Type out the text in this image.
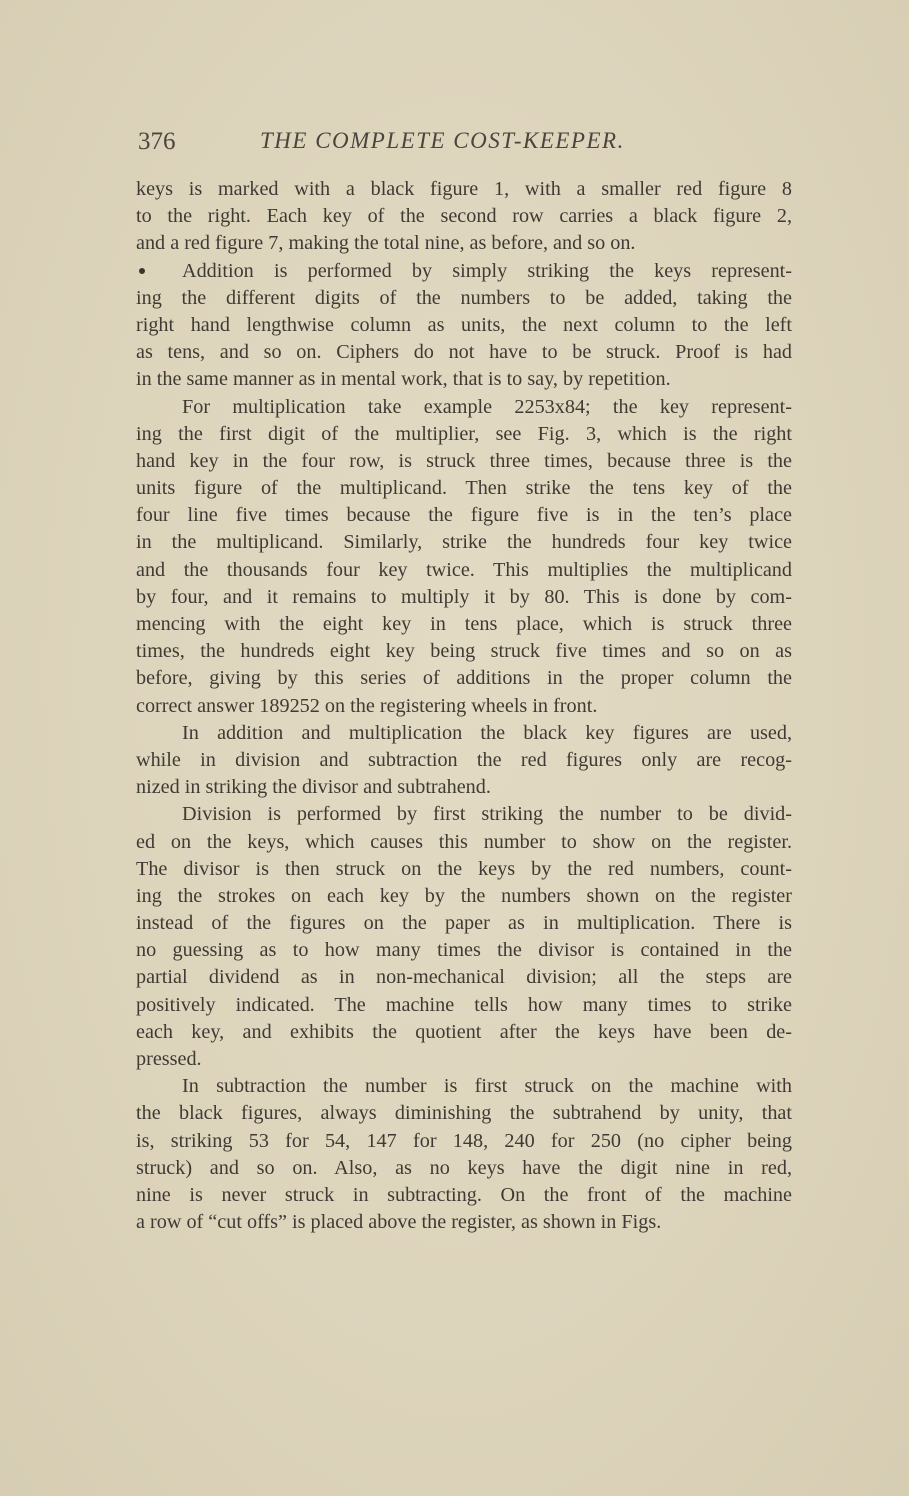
376	THE COMPLETE COST-KEEPER.
keys is marked with a black figure 1, with a smaller red figure 8
to the right. Each key of the second row carries a black figure 2,
and a red figure 7, making the total nine, as before, and so on.
Addition is performed by simply striking the keys represent-
ing the different digits of the numbers to be added, taking the
right hand lengthwise column as units, the next column to the left
as tens, and so on. Ciphers do not have to be struck. Proof is had
in the same manner as in mental work, that is to say, by repetition.
For multiplication take example 2253x84; the key represent-
ing the first digit of the multiplier, see Fig. 3, which is the right
hand key in the four row, is struck three times, because three is the
units figure of the multiplicand. Then strike the tens key of the
four line five times because the figure five is in the ten’s place
in the multiplicand. Similarly, strike the hundreds four key twice
and the thousands four key twice. This multiplies the multiplicand
by four, and it remains to multiply it by 80. This is done by com-
mencing with the eight key in tens place, which is struck three
times, the hundreds eight key being struck five times and so on as
before, giving by this series of additions in the proper column the
correct answer 189252 on the registering wheels in front.
In addition and multiplication the black key figures are used,
while in division and subtraction the red figures only are recog-
nized in striking the divisor and subtrahend.
Division is performed by first striking the number to be divid-
ed on the keys, which causes this number to show on the register.
The divisor is then struck on the keys by the red numbers, count-
ing the strokes on each key by the numbers shown on the register
instead of the figures on the paper as in multiplication. There is
no guessing as to how many times the divisor is contained in the
partial dividend as in non-mechanical division; all the steps are
positively indicated. The machine tells how many times to strike
each key, and exhibits the quotient after the keys have been de-
pressed.
In subtraction the number is first struck on the machine with
the black figures, always diminishing the subtrahend by unity, that
is, striking 53 for 54, 147 for 148, 240 for 250 (no cipher being
struck) and so on. Also, as no keys have the digit nine in red,
nine is never struck in subtracting. On the front of the machine
a row of “cut offs” is placed above the register, as shown in Figs.
